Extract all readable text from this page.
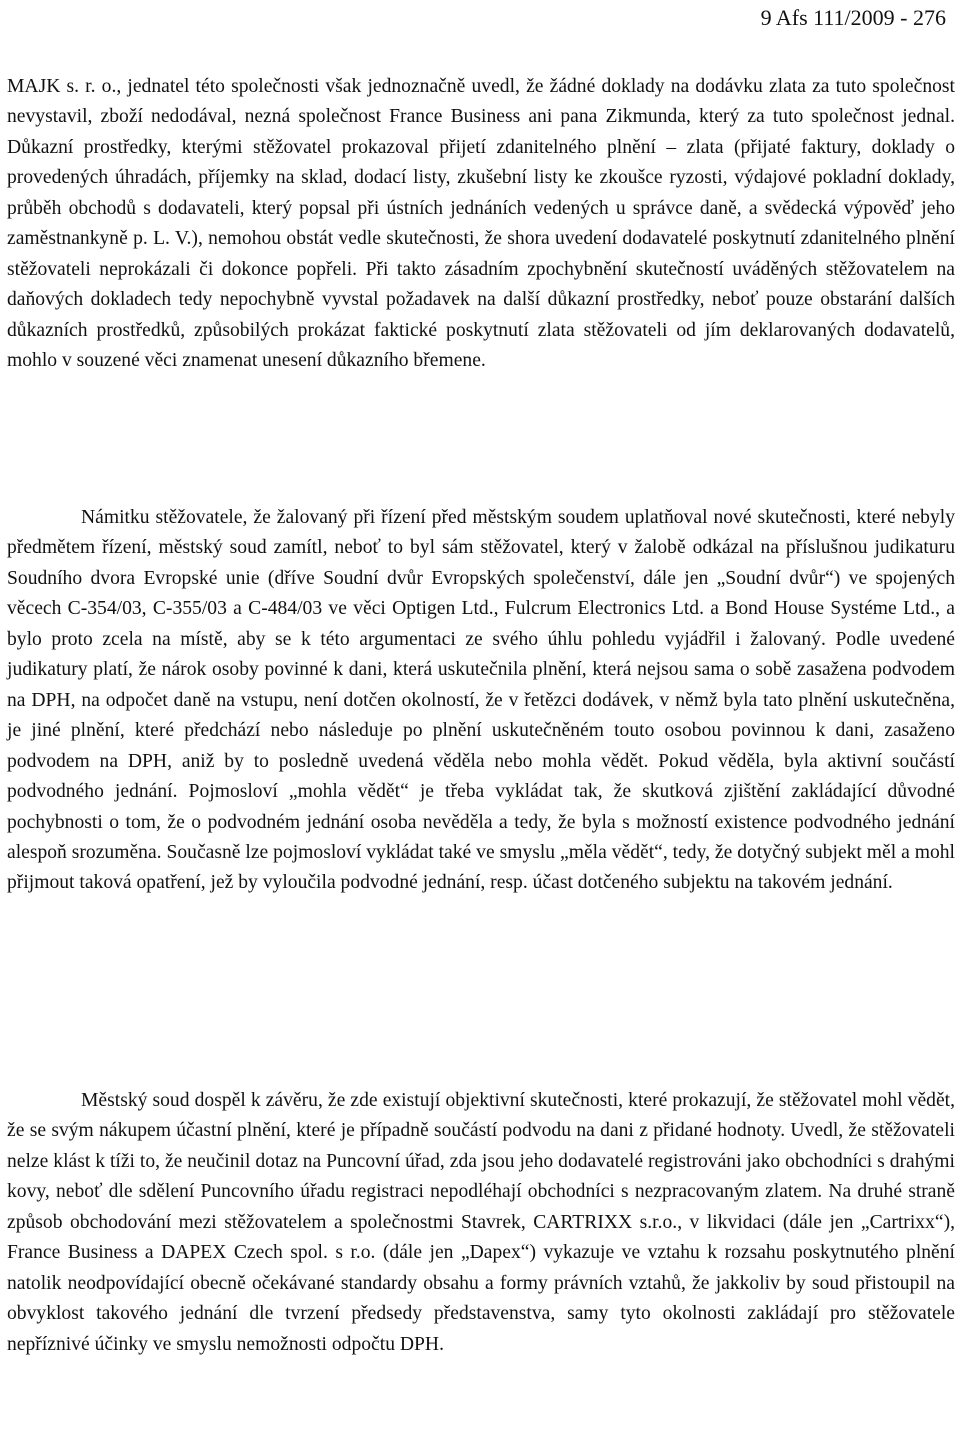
9 Afs 111/2009 - 276

MAJK s. r. o., jednatel této společnosti však jednoznačně uvedl, že žádné doklady na dodávku zlata za tuto společnost nevystavil, zboží nedodával, nezná společnost France Business ani pana Zikmunda, který za tuto společnost jednal. Důkazní prostředky, kterými stěžovatel prokazoval přijetí zdanitelného plnění – zlata (přijaté faktury, doklady o provedených úhradách, příjemky na sklad, dodací listy, zkušební listy ke zkoušce ryzosti, výdajové pokladní doklady, průběh obchodů s dodavateli, který popsal při ústních jednáních vedených u správce daně, a svědecká výpověď jeho zaměstnankyně p. L. V.), nemohou obstát vedle skutečnosti, že shora uvedení dodavatelé poskytnutí zdanitelného plnění stěžovateli neprokázali či dokonce popřeli. Při takto zásadním zpochybnění skutečností uváděných stěžovatelem na daňových dokladech tedy nepochybně vyvstal požadavek na další důkazní prostředky, neboť pouze obstarání dalších důkazních prostředků, způsobilých prokázat faktické poskytnutí zlata stěžovateli od jím deklarovaných dodavatelů, mohlo v souzené věci znamenat unesení důkazního břemene.

Námitku stěžovatele, že žalovaný při řízení před městským soudem uplatňoval nové skutečnosti, které nebyly předmětem řízení, městský soud zamítl, neboť to byl sám stěžovatel, který v žalobě odkázal na příslušnou judikaturu Soudního dvora Evropské unie (dříve Soudní dvůr Evropských společenství, dále jen „Soudní dvůr“) ve spojených věcech C-354/03, C-355/03 a C-484/03 ve věci Optigen Ltd., Fulcrum Electronics Ltd. a Bond House Systéme Ltd., a bylo proto zcela na místě, aby se k této argumentaci ze svého úhlu pohledu vyjádřil i žalovaný. Podle uvedené judikatury platí, že nárok osoby povinné k dani, která uskutečnila plnění, která nejsou sama o sobě zasažena podvodem na DPH, na odpočet daně na vstupu, není dotčen okolností, že v řetězci dodávek, v němž byla tato plnění uskutečněna, je jiné plnění, které předchází nebo následuje po plnění uskutečněném touto osobou povinnou k dani, zasaženo podvodem na DPH, aniž by to posledně uvedená věděla nebo mohla vědět. Pokud věděla, byla aktivní součástí podvodného jednání. Pojmosloví „mohla vědět“ je třeba vykládat tak, že skutková zjištění zakládající důvodné pochybnosti o tom, že o podvodném jednání osoba nevěděla a tedy, že byla s možností existence podvodného jednání alespoň srozuměna. Současně lze pojmosloví vykládat také ve smyslu „měla vědět“, tedy, že dotyčný subjekt měl a mohl přijmout taková opatření, jež by vyloučila podvodné jednání, resp. účast dotčeného subjektu na takovém jednání.

Městský soud dospěl k závěru, že zde existují objektivní skutečnosti, které prokazují, že stěžovatel mohl vědět, že se svým nákupem účastní plnění, které je případně součástí podvodu na dani z přidané hodnoty. Uvedl, že stěžovateli nelze klást k tíži to, že neučinil dotaz na Puncovní úřad, zda jsou jeho dodavatelé registrováni jako obchodníci s drahými kovy, neboť dle sdělení Puncovního úřadu registraci nepodléhají obchodníci s nezpracovaným zlatem. Na druhé straně způsob obchodování mezi stěžovatelem a společnostmi Stavrek, CARTRIXX s.r.o., v likvidaci (dále jen „Cartrixx“), France Business a DAPEX Czech spol. s r.o. (dále jen „Dapex“) vykazuje ve vztahu k rozsahu poskytnutého plnění natolik neodpovídající obecně očekávané standardy obsahu a formy právních vztahů, že jakkoliv by soud přistoupil na obvyklost takového jednání dle tvrzení předsedy představenstva, samy tyto okolnosti zakládají pro stěžovatele nepříznivé účinky ve smyslu nemožnosti odpočtu DPH.
